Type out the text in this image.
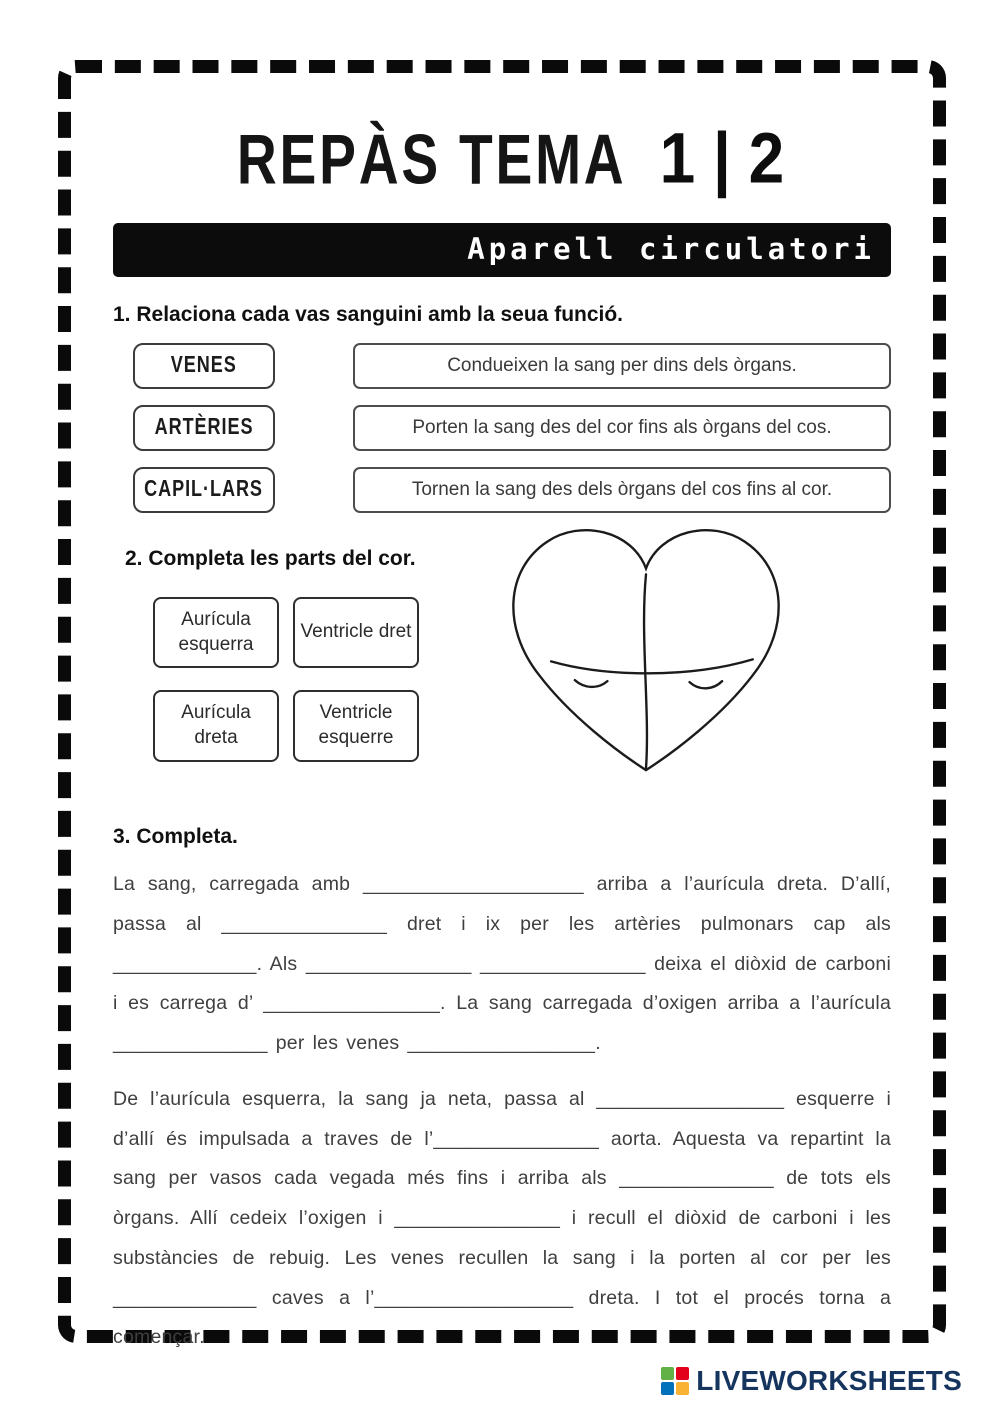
REPÀS TEMA 1 | 2
Aparell circulatori
1. Relaciona cada vas sanguini amb la seua funció.
VENES	Condueixen la sang per dins dels òrgans.
ARTÈRIES	Porten la sang des del cor fins als òrgans del cos.
CAPIL·LARS	Tornen la sang des dels òrgans del cos fins al cor.
2. Completa les parts del cor.
Aurícula esquerra
Ventricle dret
Aurícula dreta
Ventricle esquerre
3. Completa.

La sang, carregada amb ____________________ arriba a l’aurícula dreta. D’allí, passa al _______________ dret i ix per les artèries pulmonars cap als _____________. Als _______________ _______________ deixa el diòxid de carboni i es carrega d’ ________________. La sang carregada d’oxigen arriba a l’aurícula ______________ per les venes _________________.

De l’aurícula esquerra, la sang ja neta, passa al _________________ esquerre i d’allí és impulsada a traves de l’_______________ aorta. Aquesta va repartint la sang per vasos cada vegada més fins i arriba als ______________ de tots els òrgans. Allí cedeix l’oxigen i _______________ i recull el diòxid de carboni i les substàncies de rebuig. Les venes recullen la sang i la porten al cor per les _____________ caves a l’__________________ dreta. I tot el procés torna a començar.

LIVEWORKSHEETS
